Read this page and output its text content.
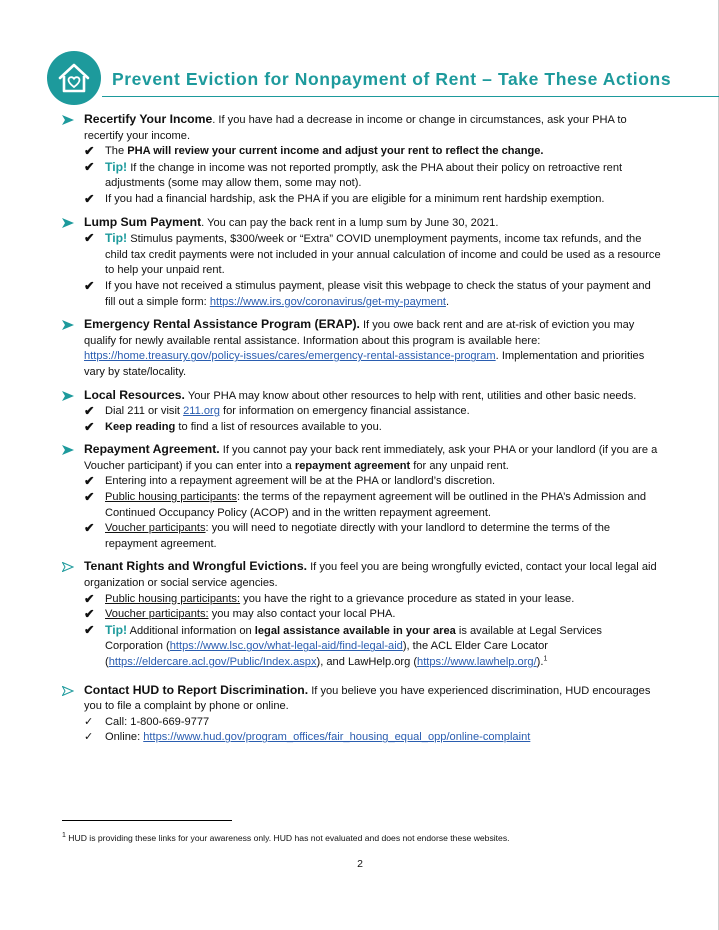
Prevent Eviction for Nonpayment of Rent – Take These Actions
Recertify Your Income. If you have had a decrease in income or change in circumstances, ask your PHA to recertify your income.
✔ The PHA will review your current income and adjust your rent to reflect the change.
✔ Tip! If the change in income was not reported promptly, ask the PHA about their policy on retroactive rent adjustments (some may allow them, some may not).
✔ If you had a financial hardship, ask the PHA if you are eligible for a minimum rent hardship exemption.
Lump Sum Payment. You can pay the back rent in a lump sum by June 30, 2021.
✔ Tip! Stimulus payments, $300/week or “Extra” COVID unemployment payments, income tax refunds, and the child tax credit payments were not included in your annual calculation of income and could be used as a resource to help your unpaid rent.
✔ If you have not received a stimulus payment, please visit this webpage to check the status of your payment and fill out a simple form: https://www.irs.gov/coronavirus/get-my-payment.
Emergency Rental Assistance Program (ERAP). If you owe back rent and are at-risk of eviction you may qualify for newly available rental assistance. Information about this program is available here: https://home.treasury.gov/policy-issues/cares/emergency-rental-assistance-program. Implementation and priorities vary by state/locality.
Local Resources. Your PHA may know about other resources to help with rent, utilities and other basic needs.
✔ Dial 211 or visit 211.org for information on emergency financial assistance.
✔ Keep reading to find a list of resources available to you.
Repayment Agreement. If you cannot pay your back rent immediately, ask your PHA or your landlord (if you are a Voucher participant) if you can enter into a repayment agreement for any unpaid rent.
✔ Entering into a repayment agreement will be at the PHA or landlord’s discretion.
✔ Public housing participants: the terms of the repayment agreement will be outlined in the PHA’s Admission and Continued Occupancy Policy (ACOP) and in the written repayment agreement.
✔ Voucher participants: you will need to negotiate directly with your landlord to determine the terms of the repayment agreement.
Tenant Rights and Wrongful Evictions. If you feel you are being wrongfully evicted, contact your local legal aid organization or social service agencies.
✔ Public housing participants: you have the right to a grievance procedure as stated in your lease.
✔ Voucher participants: you may also contact your local PHA.
✔ Tip! Additional information on legal assistance available in your area is available at Legal Services Corporation (https://www.lsc.gov/what-legal-aid/find-legal-aid), the ACL Elder Care Locator (https://eldercare.acl.gov/Public/Index.aspx), and LawHelp.org (https://www.lawhelp.org/).$^1$
Contact HUD to Report Discrimination. If you believe you have experienced discrimination, HUD encourages you to file a complaint by phone or online.
✓	Call: 1-800-669-9777
✓	Online: https://www.hud.gov/program_offices/fair_housing_equal_opp/online-complaint
$^1$ HUD is providing these links for your awareness only. HUD has not evaluated and does not endorse these websites.
2
